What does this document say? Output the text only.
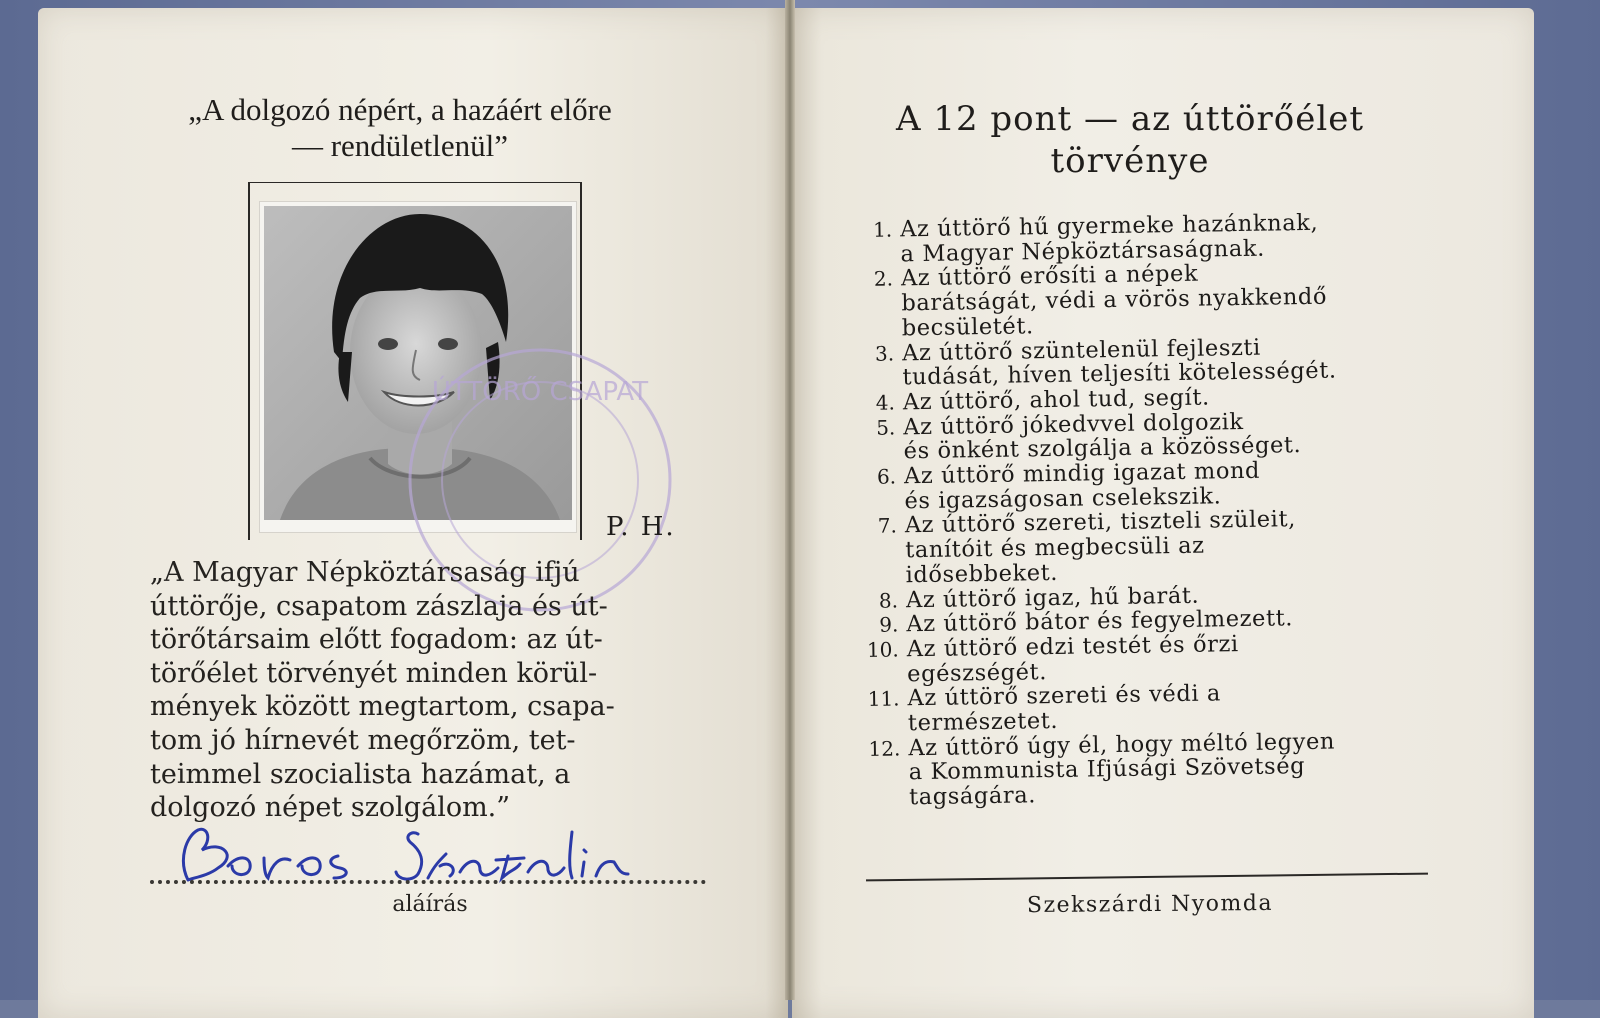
„A dolgozó népért, a hazáért előre
— rendületlenül”
ÚTTÖRŐ CSAPAT
P. H.
„A Magyar Népköztársaság ifjú
úttörője, csapatom zászlaja és út-
törőtársaim előtt fogadom: az út-
törőélet törvényét minden körül-
mények között megtartom, csapa-
tom jó hírnevét megőrzöm, tet-
teimmel szocialista hazámat, a
dolgozó népet szolgálom.”
aláírás
A 12 pont — az úttörőélet
törvénye
1. Az úttörő hű gyermeke hazánknak,
a Magyar Népköztársaságnak.
2. Az úttörő erősíti a népek
barátságát, védi a vörös nyakkendő
becsületét.
3. Az úttörő szüntelenül fejleszti
tudását, híven teljesíti kötelességét.
4. Az úttörő, ahol tud, segít.
5. Az úttörő jókedvvel dolgozik
és önként szolgálja a közösséget.
6. Az úttörő mindig igazat mond
és igazságosan cselekszik.
7. Az úttörő szereti, tiszteli szüleit,
tanítóit és megbecsüli az
idősebbeket.
8. Az úttörő igaz, hű barát.
9. Az úttörő bátor és fegyelmezett.
10. Az úttörő edzi testét és őrzi
egészségét.
11. Az úttörő szereti és védi a
természetet.
12. Az úttörő úgy él, hogy méltó legyen
a Kommunista Ifjúsági Szövetség
tagságára.
Szekszárdi Nyomda
